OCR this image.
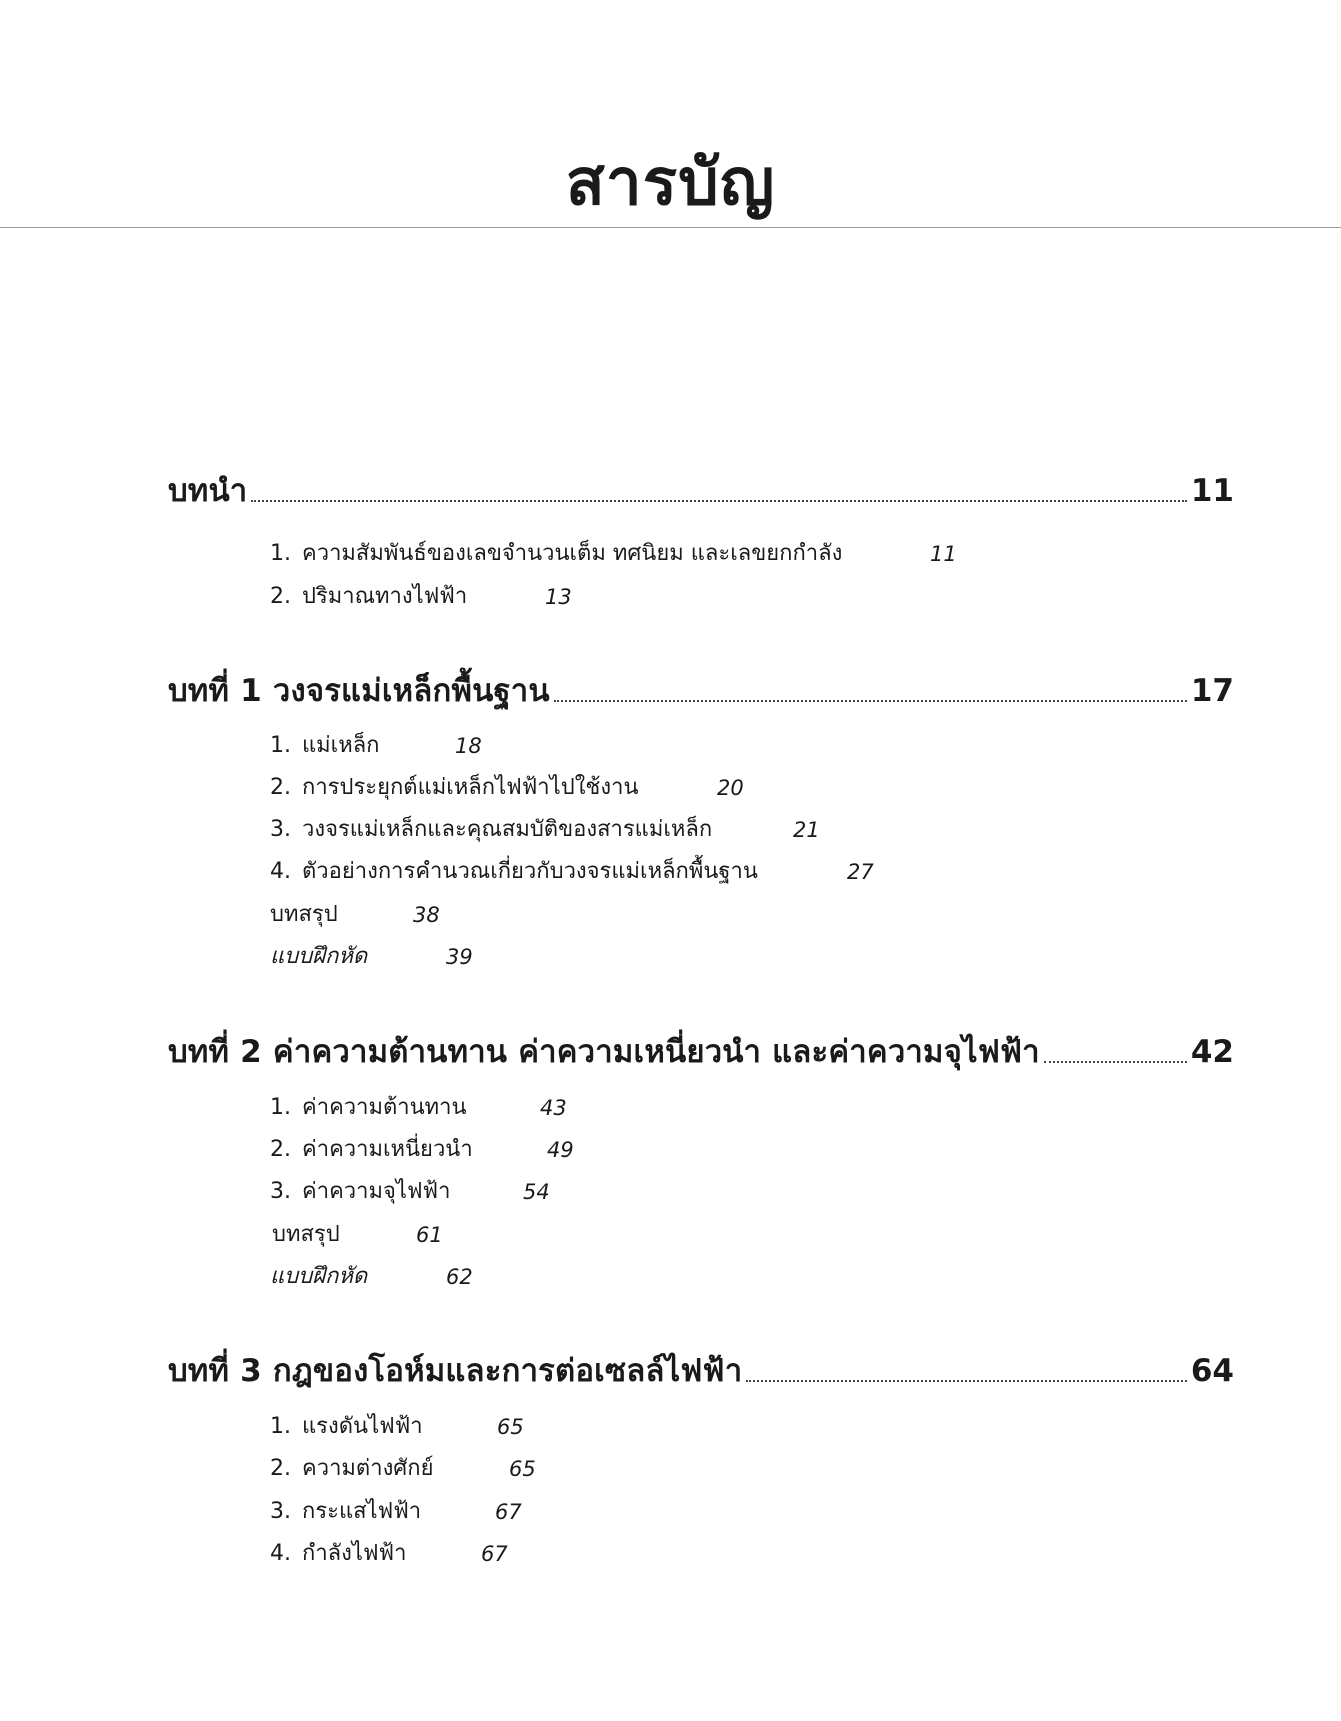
สารบัญ
บทนำ	11
1. ความสัมพันธ์ของเลขจำนวนเต็ม ทศนิยม และเลขยกกำลัง	11
2. ปริมาณทางไฟฟ้า	13
บทที่ 1 วงจรแม่เหล็กพื้นฐาน	17
1. แม่เหล็ก	18
2. การประยุกต์แม่เหล็กไฟฟ้าไปใช้งาน	20
3. วงจรแม่เหล็กและคุณสมบัติของสารแม่เหล็ก	21
4. ตัวอย่างการคำนวณเกี่ยวกับวงจรแม่เหล็กพื้นฐาน	27
บทสรุป	38
แบบฝึกหัด	39
บทที่ 2 ค่าความต้านทาน ค่าความเหนี่ยวนำ และค่าความจุไฟฟ้า	42
1. ค่าความต้านทาน	43
2. ค่าความเหนี่ยวนำ	49
3. ค่าความจุไฟฟ้า	54
บทสรุป	61
แบบฝึกหัด	62
บทที่ 3 กฎของโอห์มและการต่อเซลล์ไฟฟ้า	64
1. แรงดันไฟฟ้า	65
2. ความต่างศักย์	65
3. กระแสไฟฟ้า	67
4. กำลังไฟฟ้า	67
